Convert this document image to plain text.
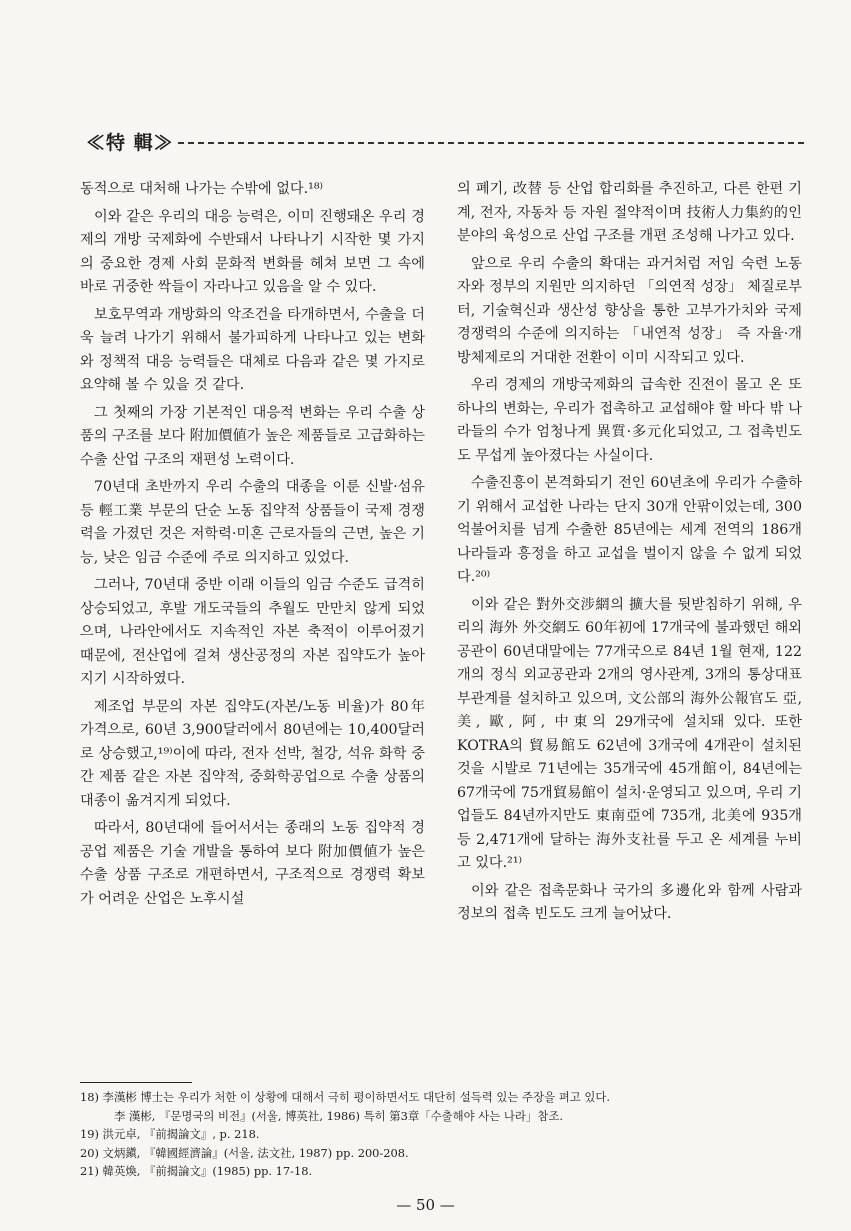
≪特 輯≫

동적으로 대처해 나가는 수밖에 없다.¹⁸⁾

이와 같은 우리의 대응 능력은, 이미 진행돼온 우리 경제의 개방 국제화에 수반돼서 나타나기 시작한 몇 가지의 중요한 경제 사회 문화적 변화를 헤쳐 보면 그 속에 바로 귀중한 싹들이 자라나고 있음을 알 수 있다.

보호무역과 개방화의 악조건을 타개하면서, 수출을 더욱 늘려 나가기 위해서 불가피하게 나타나고 있는 변화와 정책적 대응 능력들은 대체로 다음과 같은 몇 가지로 요약해 볼 수 있을 것 같다.

그 첫째의 가장 기본적인 대응적 변화는 우리 수출 상품의 구조를 보다 附加價値가 높은 제품들로 고급화하는 수출 산업 구조의 재편성 노력이다.

70년대 초반까지 우리 수출의 대종을 이룬 신발·섬유 등 輕工業 부문의 단순 노동 집약적 상품들이 국제 경쟁력을 가졌던 것은 저학력·미혼 근로자들의 근면, 높은 기능, 낮은 임금 수준에 주로 의지하고 있었다.

그러나, 70년대 중반 이래 이들의 임금 수준도 급격히 상승되었고, 후발 개도국들의 추월도 만만치 않게 되었으며, 나라안에서도 지속적인 자본 축적이 이루어졌기 때문에, 전산업에 걸쳐 생산공정의 자본 집약도가 높아지기 시작하였다.

제조업 부문의 자본 집약도(자본/노동 비율)가 80年 가격으로, 60년 3,900달러에서 80년에는 10,400달러로 상승했고,¹⁹⁾이에 따라, 전자 선박, 철강, 석유 화학 중간 제품 같은 자본 집약적, 중화학공업으로 수출 상품의 대종이 옮겨지게 되었다.

따라서, 80년대에 들어서서는 종래의 노동 집약적 경공업 제품은 기술 개발을 통하여 보다 附加價値가 높은 수출 상품 구조로 개편하면서, 구조적으로 경쟁력 확보가 어려운 산업은 노후시설

의 폐기, 改替 등 산업 합리화를 추진하고, 다른 한편 기계, 전자, 자동차 등 자원 절약적이며 技術人力集約的인 분야의 육성으로 산업 구조를 개편 조성해 나가고 있다.

앞으로 우리 수출의 확대는 과거처럼 저임 숙련 노동자와 정부의 지원만 의지하던 「의연적 성장」 체질로부터, 기술혁신과 생산성 향상을 통한 고부가가치와 국제 경쟁력의 수준에 의지하는 「내연적 성장」 즉 자율·개방체제로의 거대한 전환이 이미 시작되고 있다.

우리 경제의 개방국제화의 급속한 진전이 몰고 온 또 하나의 변화는, 우리가 접촉하고 교섭해야 할 바다 밖 나라들의 수가 엄청나게 異質·多元化되었고, 그 접촉빈도도 무섭게 높아졌다는 사실이다.

수출진흥이 본격화되기 전인 60년초에 우리가 수출하기 위해서 교섭한 나라는 단지 30개 안팎이었는데, 300억불어치를 넘게 수출한 85년에는 세계 전역의 186개 나라들과 흥정을 하고 교섭을 벌이지 않을 수 없게 되었다.²⁰⁾

이와 같은 對外交涉網의 擴大를 뒷받침하기 위해, 우리의 海外 外交網도 60年初에 17개국에 불과했던 해외공관이 60년대말에는 77개국으로 84년 1월 현재, 122개의 정식 외교공관과 2개의 영사관계, 3개의 통상대표부관계를 설치하고 있으며, 文公部의 海外公報官도 亞, 美, 歐, 阿, 中東의 29개국에 설치돼 있다. 또한 KOTRA의 貿易館도 62년에 3개국에 4개관이 설치된 것을 시발로 71년에는 35개국에 45개館이, 84년에는 67개국에 75개貿易館이 설치·운영되고 있으며, 우리 기업들도 84년까지만도 東南亞에 735개, 北美에 935개 등 2,471개에 달하는 海外支社를 두고 온 세계를 누비고 있다.²¹⁾

이와 같은 접촉문화나 국가의 多邊化와 함께 사람과 정보의 접촉 빈도도 크게 늘어났다.

18) 李漢彬 博士는 우리가 처한 이 상황에 대해서 극히 평이하면서도 대단히 설득력 있는 주장을 펴고 있다.

李 漢彬, 『문명국의 비전』(서울, 博英社, 1986) 특히 第3章「수출해야 사는 나라」참조.

19) 洪元卓, 『前揭論文』, p. 218.

20) 文炳鎭, 『韓國經濟論』(서울, 法文社, 1987) pp. 200-208.

21) 韓英煥, 『前揭論文』(1985) pp. 17-18.

— 50 —
